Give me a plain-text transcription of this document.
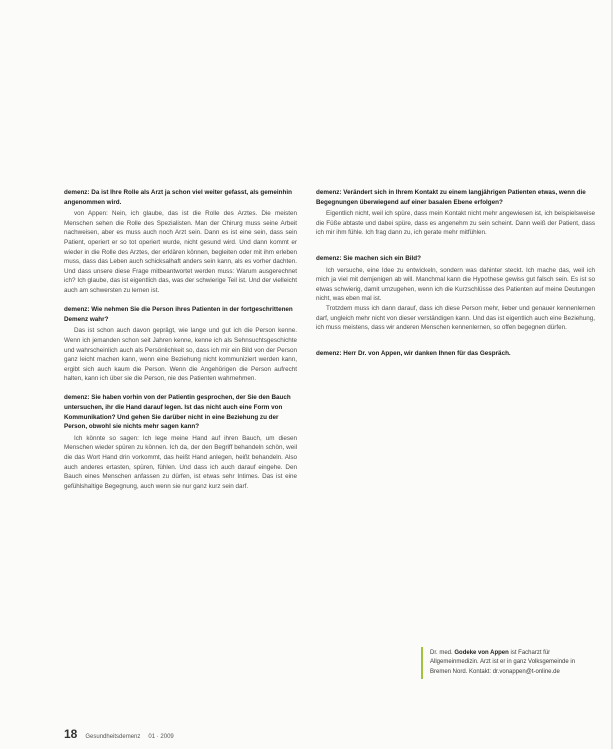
demenz: Da ist Ihre Rolle als Arzt ja schon viel weiter gefasst, als gemeinhin angenommen wird.

von Appen: Nein, ich glaube, das ist die Rolle des Arztes. Die meisten Menschen sehen die Rolle des Spezialisten. Man der Chirurg muss seine Arbeit nachweisen, aber es muss auch noch Arzt sein. Dann es ist eine sein, dass sein Patient, operiert er so tot operiert wurde, nicht gesund wird. Und dann kommt er wieder in die Rolle des Arztes, der erklären können, begleiten oder mit ihm erleben muss, dass das Leben auch schicksalhaft anders sein kann, als es vorher dachten. Und dass unsere diese Frage mitbeantwortet werden muss: Warum ausgerechnet ich? Ich glaube, das ist eigentlich das, was der schwierige Teil ist. Und der vielleicht auch am schwersten zu lernen ist.

demenz: Wie nehmen Sie die Person ihres Patienten in der fortgeschrittenen Demenz wahr?

Das ist schon auch davon geprägt, wie lange und gut ich die Person kenne. Wenn ich jemanden schon seit Jahren kenne, kenne ich als Sehnsuchtsgeschichte und wahrscheinlich auch als Persönlichkeit so, dass ich mir ein Bild von der Person ganz leicht machen kann, wenn eine Beziehung nicht kommuniziert werden kann, ergibt sich auch kaum die Person. Wenn die Angehörigen die Person aufrecht halten, kann ich über sie die Person, nie des Patienten wahrnehmen.

demenz: Sie haben vorhin von der Patientin gesprochen, der Sie den Bauch untersuchen, ihr die Hand darauf legen. Ist das nicht auch eine Form von Kommunikation? Und gehen Sie darüber nicht in eine Beziehung zu der Person, obwohl sie nichts mehr sagen kann?

Ich könnte so sagen: Ich lege meine Hand auf ihren Bauch, um diesen Menschen wieder spüren zu können. Ich da, der den Begriff behandeln schön, weil die das Wort Hand drin vorkommt, das heißt Hand anlegen, heißt behandeln. Also auch anderes ertasten, spüren, fühlen. Und dass ich auch darauf eingehe. Den Bauch eines Menschen anfassen zu dürfen, ist etwas sehr Intimes. Das ist eine gefühlshaltige Begegnung, auch wenn sie nur ganz kurz sein darf.

demenz: Verändert sich in Ihrem Kontakt zu einem langjährigen Patienten etwas, wenn die Begegnungen überwiegend auf einer basalen Ebene erfolgen?

Eigentlich nicht, weil ich spüre, dass mein Kontakt nicht mehr angewiesen ist, ich beispielsweise die Füße abtaste und dabei spüre, dass es angenehm zu sein scheint. Dann weiß der Patient, dass ich mir ihm fühle. Ich frag dann zu, ich gerate mehr mitfühlen.

demenz: Sie machen sich ein Bild?

Ich versuche, eine Idee zu entwickeln, sondern was dahinter steckt. Ich mache das, weil ich mich ja viel mit demjenigen ab will. Manchmal kann die Hypothese gewiss gut falsch sein. Es ist so etwas schwierig, damit umzugehen, wenn ich die Kurzschlüsse des Patienten auf meine Deutungen nicht, was eben mal ist.

Trotzdem muss ich dann darauf, dass ich diese Person mehr, lieber und genauer kennenlernen darf, ungleich mehr nicht von dieser verständigen kann. Und das ist eigentlich auch eine Beziehung, ich muss meistens, dass wir anderen Menschen kennenlernen, so offen begegnen dürfen.

demenz: Herr Dr. von Appen, wir danken Ihnen für das Gespräch.

Dr. med. Godeke von Appen ist Facharzt für Allgemeinmedizin. Arzt ist er in ganz Volksgemeinde in Bremen Nord. Kontakt: dr.vonappen@t-online.de
18 Gesundheitsdemenz 01 · 2009
